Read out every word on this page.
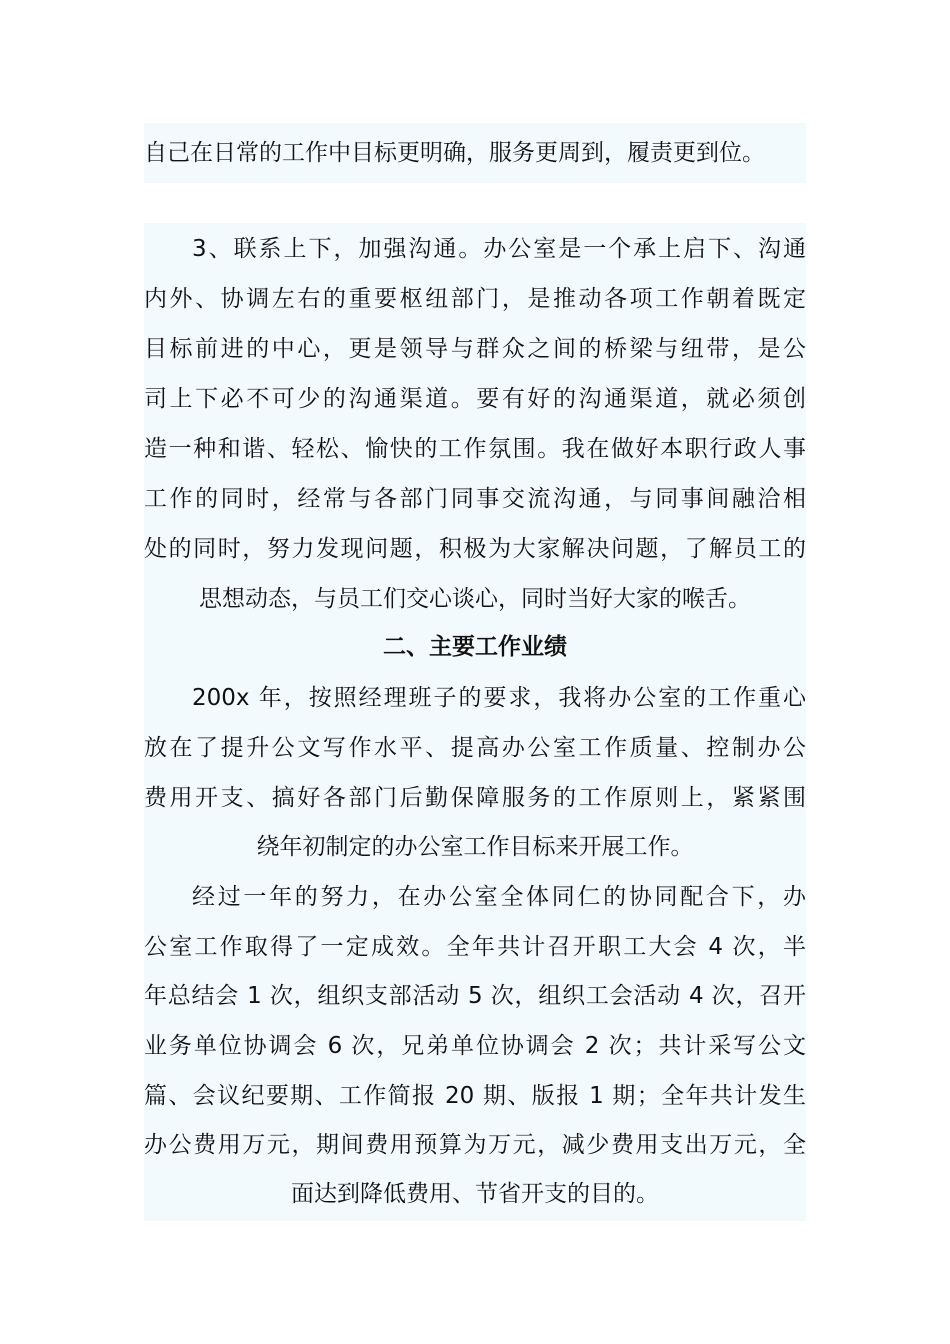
自己在日常的工作中目标更明确，服务更周到，履责更到位。
3、联系上下，加强沟通。办公室是一个承上启下、沟通
内外、协调左右的重要枢纽部门，是推动各项工作朝着既定
目标前进的中心，更是领导与群众之间的桥梁与纽带，是公
司上下必不可少的沟通渠道。要有好的沟通渠道，就必须创
造一种和谐、轻松、愉快的工作氛围。我在做好本职行政人事
工作的同时，经常与各部门同事交流沟通，与同事间融洽相
处的同时，努力发现问题，积极为大家解决问题，了解员工的
思想动态，与员工们交心谈心，同时当好大家的喉舌。
二、主要工作业绩
200x 年，按照经理班子的要求，我将办公室的工作重心
放在了提升公文写作水平、提高办公室工作质量、控制办公
费用开支、搞好各部门后勤保障服务的工作原则上，紧紧围
绕年初制定的办公室工作目标来开展工作。
经过一年的努力，在办公室全体同仁的协同配合下，办
公室工作取得了一定成效。全年共计召开职工大会 4 次，半
年总结会 1 次，组织支部活动 5 次，组织工会活动 4 次，召开
业务单位协调会 6 次，兄弟单位协调会 2 次；共计采写公文
篇、会议纪要期、工作简报 20 期、版报 1 期；全年共计发生
办公费用万元，期间费用预算为万元，减少费用支出万元，全
面达到降低费用、节省开支的目的。
